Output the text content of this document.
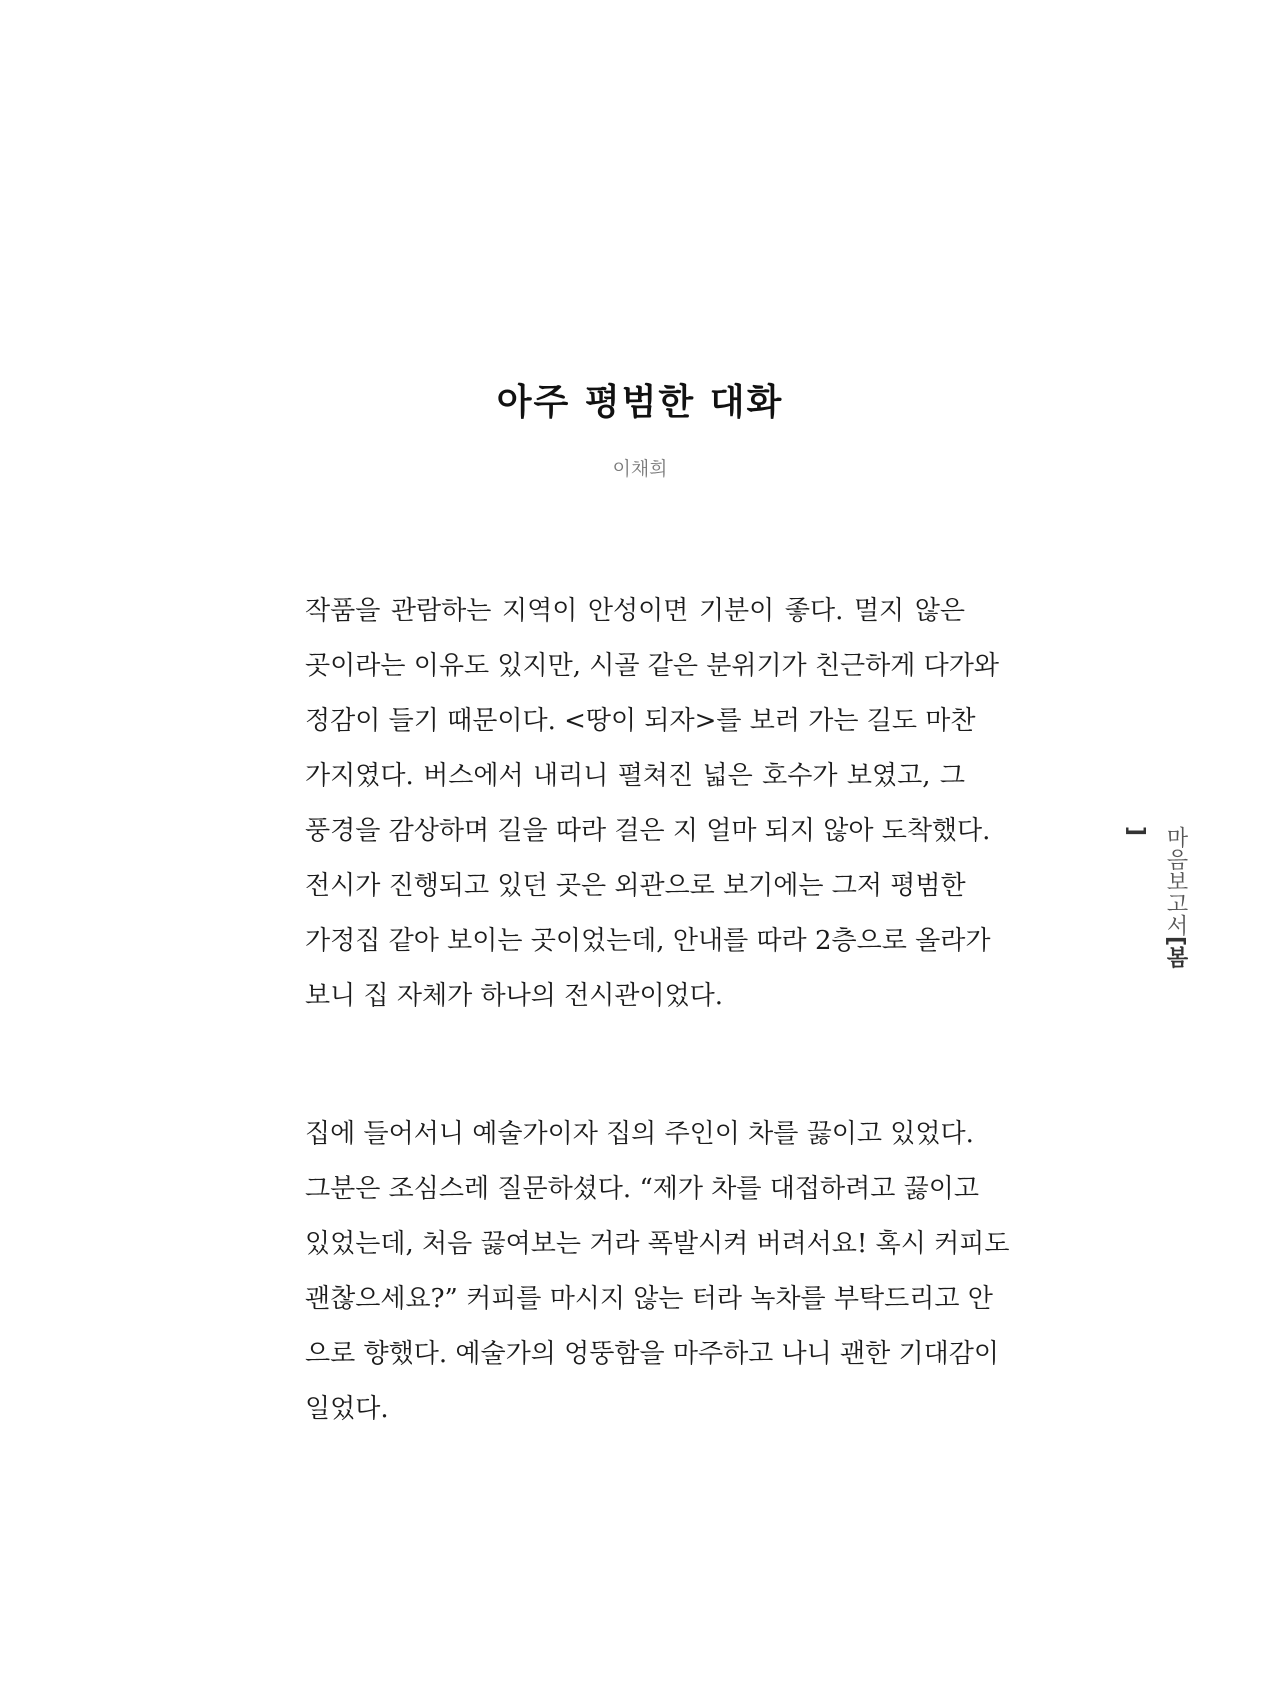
아주 평범한 대화
이채희
작품을 관람하는 지역이 안성이면 기분이 좋다. 멀지 않은
곳이라는 이유도 있지만, 시골 같은 분위기가 친근하게 다가와
정감이 들기 때문이다. <땅이 되자>를 보러 가는 길도 마찬
가지였다. 버스에서 내리니 펼쳐진 넓은 호수가 보였고, 그
풍경을 감상하며 길을 따라 걸은 지 얼마 되지 않아 도착했다.
전시가 진행되고 있던 곳은 외관으로 보기에는 그저 평범한
가정집 같아 보이는 곳이었는데, 안내를 따라 2층으로 올라가
보니 집 자체가 하나의 전시관이었다.
집에 들어서니 예술가이자 집의 주인이 차를 끓이고 있었다.
그분은 조심스레 질문하셨다. “제가 차를 대접하려고 끓이고
있었는데, 처음 끓여보는 거라 폭발시켜 버려서요! 혹시 커피도
괜찮으세요?” 커피를 마시지 않는 터라 녹차를 부탁드리고 안
으로 향했다. 예술가의 엉뚱함을 마주하고 나니 괜한 기대감이
일었다.
마음보고서[봄]
